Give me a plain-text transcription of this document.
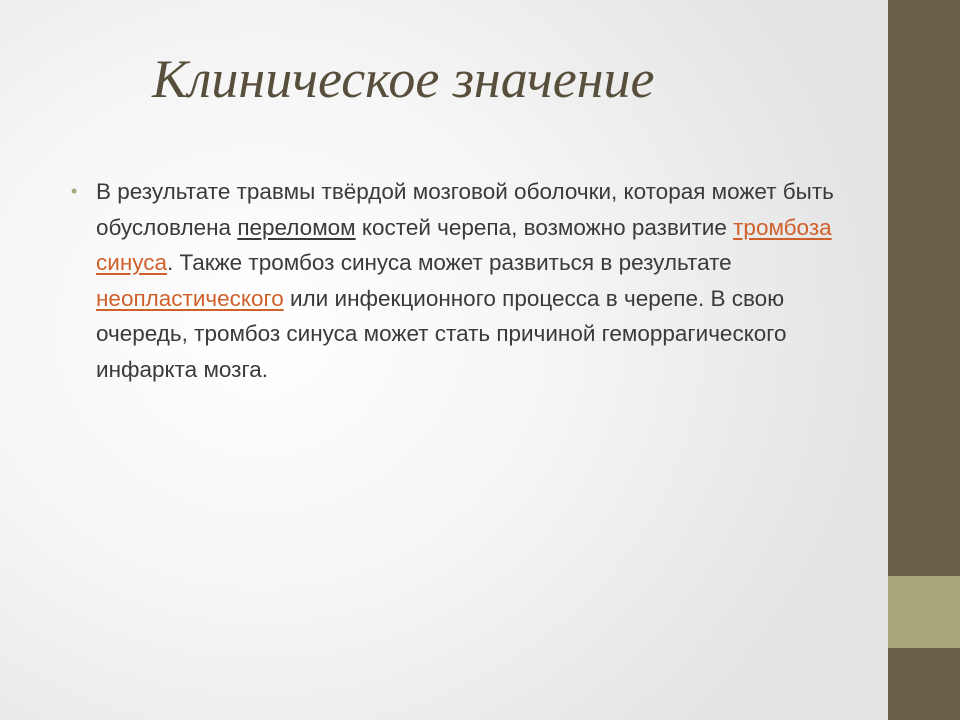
Клиническое значение
• В результате травмы твёрдой мозговой оболочки, которая может быть обусловлена переломом костей черепа, возможно развитие тромбоза синуса. Также тромбоз синуса может развиться в результате неопластического или инфекционного процесса в черепе. В свою очередь, тромбоз синуса может стать причиной геморрагического инфаркта мозга.
